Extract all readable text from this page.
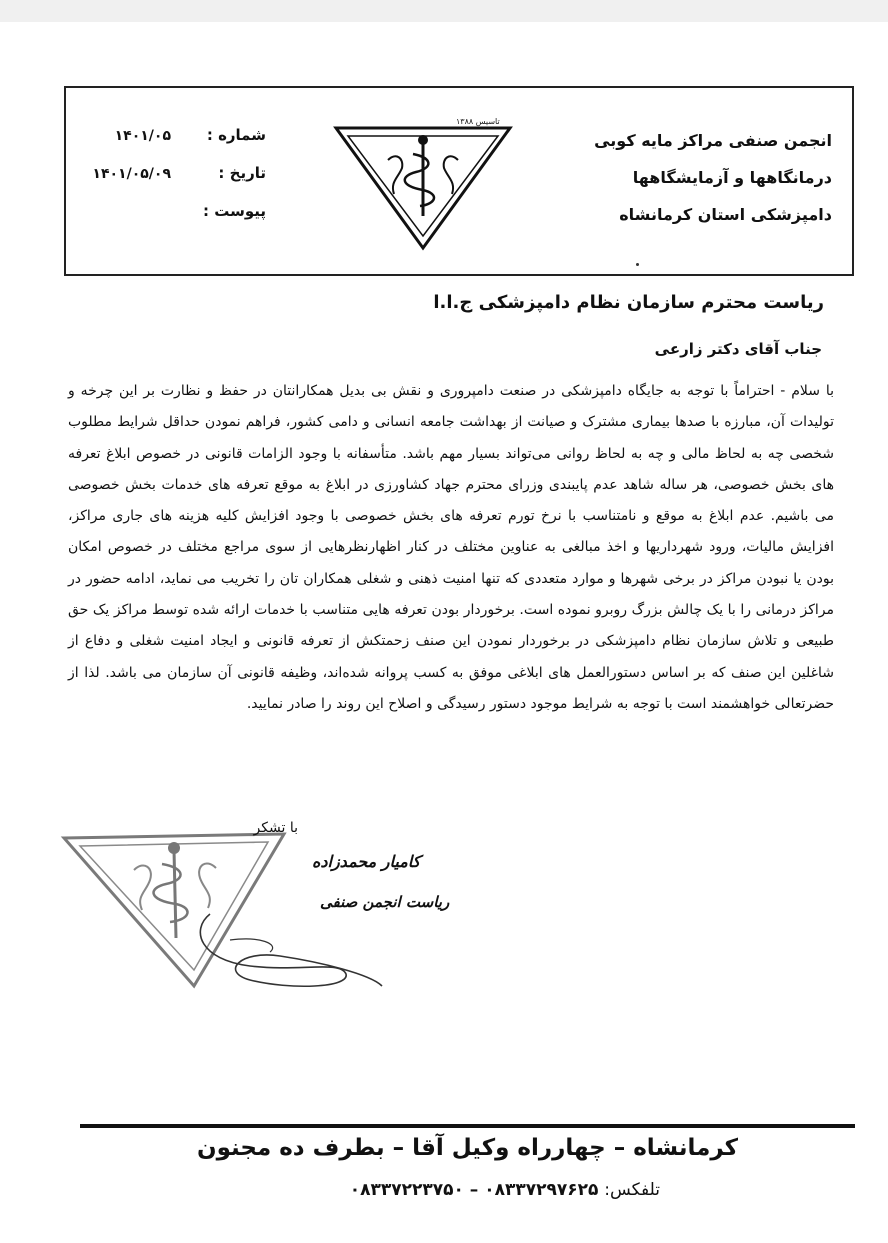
انجمن صنفی مراکز مایه کوبی
درمانگاهها و آزمایشگاهها
دامپزشکی استان کرمانشاه
تاسیس ۱۳۸۸
شماره :
۱۴۰۱/۰۵
تاریخ :
۱۴۰۱/۰۵/۰۹
پیوست :
ریاست محترم سازمان نظام دامپزشکی ج.ا.ا
جناب آقای دکتر زارعی
با سلام - احتراماً با توجه به جایگاه دامپزشکی در صنعت دامپروری و نقش بی بدیل همکارانتان در حفظ و نظارت بر این چرخه و تولیدات آن، مبارزه با صدها بیماری مشترک و صیانت از بهداشت جامعه انسانی و دامی کشور، فراهم نمودن حداقل شرایط مطلوب شخصی چه به لحاظ مالی و چه به لحاظ روانی می‌تواند بسیار مهم باشد. متأسفانه با وجود الزامات قانونی در خصوص ابلاغ تعرفه های بخش خصوصی، هر ساله شاهد عدم پایبندی وزرای محترم جهاد کشاورزی در ابلاغ به موقع تعرفه های خدمات بخش خصوصی می باشیم. عدم ابلاغ به موقع و نامتناسب با نرخ تورم تعرفه های بخش خصوصی با وجود افزایش کلیه هزینه های جاری مراکز، افزایش مالیات، ورود شهرداریها و اخذ مبالغی به عناوین مختلف در کنار اظهارنظرهایی از سوی مراجع مختلف در خصوص امکان بودن یا نبودن مراکز در برخی شهرها و موارد متعددی که تنها امنیت ذهنی و شغلی همکاران تان را تخریب می نماید، ادامه حضور در مراکز درمانی را با یک چالش بزرگ روبرو نموده است. برخوردار بودن تعرفه هایی متناسب با خدمات ارائه شده توسط مراکز یک حق طبیعی و تلاش سازمان نظام دامپزشکی در برخوردار نمودن این صنف زحمتکش از تعرفه قانونی و ایجاد امنیت شغلی و دفاع از شاغلین این صنف که بر اساس دستورالعمل های ابلاغی موفق به کسب پروانه شده‌اند، وظیفه قانونی آن سازمان می باشد. لذا از حضرتعالی خواهشمند است با توجه به شرایط موجود دستور رسیدگی و اصلاح این روند را صادر نمایید.
با تشکر
کامیار محمدزاده
ریاست انجمن صنفی
کرمانشاه – چهارراه وکیل آقا – بطرف ده مجنون
تلفکس: ۰۸۳۳۷۲۹۷۶۲۵ – ۰۸۳۳۷۲۲۳۷۵۰
